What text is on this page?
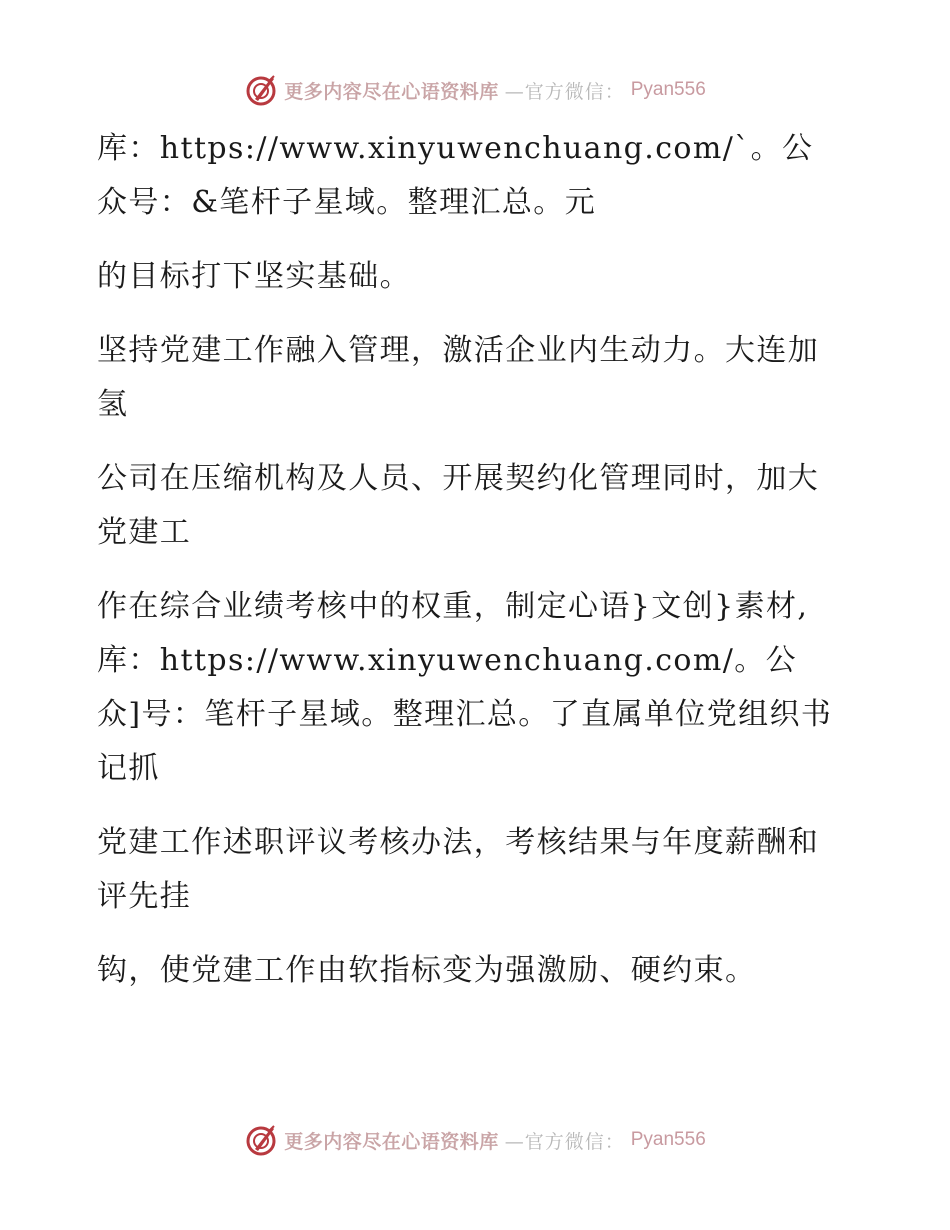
更多内容尽在心语资料库 —官方微信： Pyan556

库：https://www.xinyuwenchuang.com/`。公众号：&笔杆子星域。整理汇总。元

的目标打下坚实基础。

坚持党建工作融入管理，激活企业内生动力。大连加氢

公司在压缩机构及人员、开展契约化管理同时，加大党建工

作在综合业绩考核中的权重，制定心语}文创}素材,库：https://www.xinyuwenchuang.com/。公众]号：笔杆子星域。整理汇总。了直属单位党组织书记抓

党建工作述职评议考核办法，考核结果与年度薪酬和评先挂

钩，使党建工作由软指标变为强激励、硬约束。

更多内容尽在心语资料库 —官方微信： Pyan556
